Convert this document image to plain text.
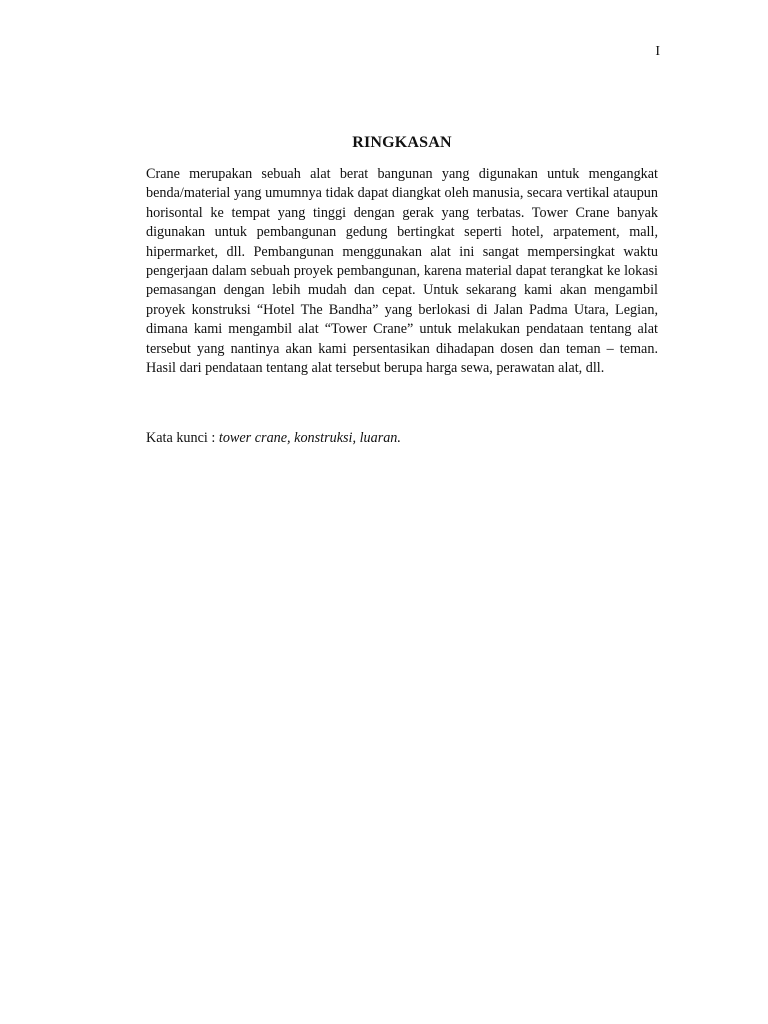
I
RINGKASAN

Crane merupakan sebuah alat berat bangunan yang digunakan untuk mengangkat benda/material yang umumnya tidak dapat diangkat oleh manusia, secara vertikal ataupun horisontal ke tempat yang tinggi dengan gerak yang terbatas. Tower Crane banyak digunakan untuk pembangunan gedung bertingkat seperti hotel, arpatement, mall, hipermarket, dll. Pembangunan menggunakan alat ini sangat mempersingkat waktu pengerjaan dalam sebuah proyek pembangunan, karena material dapat terangkat ke lokasi pemasangan dengan lebih mudah dan cepat. Untuk sekarang kami akan mengambil proyek konstruksi “Hotel The Bandha” yang berlokasi di Jalan Padma Utara, Legian, dimana kami mengambil alat “Tower Crane” untuk melakukan pendataan tentang alat tersebut yang nantinya akan kami persentasikan dihadapan dosen dan teman – teman. Hasil dari pendataan tentang alat tersebut berupa harga sewa, perawatan alat, dll.

Kata kunci : tower crane, konstruksi, luaran.
